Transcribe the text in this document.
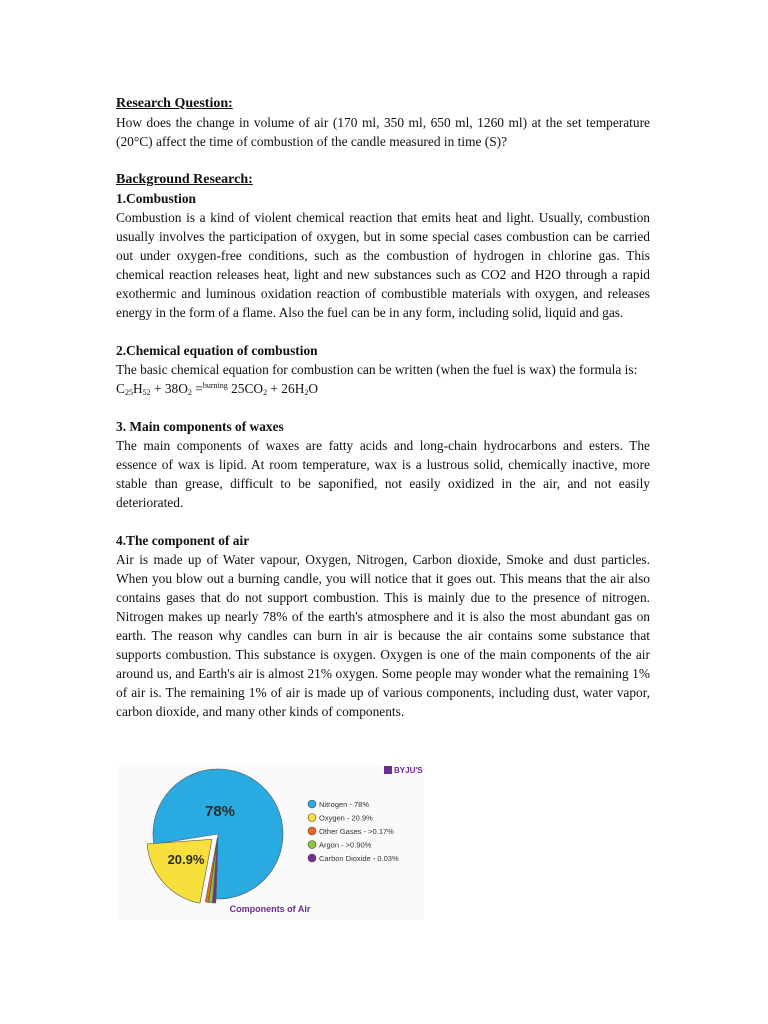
Research Question:

How does the change in volume of air (170 ml, 350 ml, 650 ml, 1260 ml) at the set temperature (20°C) affect the time of combustion of the candle measured in time (S)?

Background Research:
1.Combustion

Combustion is a kind of violent chemical reaction that emits heat and light. Usually, combustion usually involves the participation of oxygen, but in some special cases combustion can be carried out under oxygen-free conditions, such as the combustion of hydrogen in chlorine gas. This chemical reaction releases heat, light and new substances such as CO2 and H2O through a rapid exothermic and luminous oxidation reaction of combustible materials with oxygen, and releases energy in the form of a flame. Also the fuel can be in any form, including solid, liquid and gas.

2.Chemical equation of combustion

The basic chemical equation for combustion can be written (when the fuel is wax) the formula is:

$C_{25}H_{52} + 38O_2 =^{burning}$ $25CO_2 + 26H_2O$
3. Main components of waxes

The main components of waxes are fatty acids and long-chain hydrocarbons and esters. The essence of wax is lipid. At room temperature, wax is a lustrous solid, chemically inactive, more stable than grease, difficult to be saponified, not easily oxidized in the air, and not easily deteriorated.

4.The component of air

Air is made up of Water vapour, Oxygen, Nitrogen, Carbon dioxide, Smoke and dust particles. When you blow out a burning candle, you will notice that it goes out. This means that the air also contains gases that do not support combustion. This is mainly due to the presence of nitrogen. Nitrogen makes up nearly 78% of the earth's atmosphere and it is also the most abundant gas on earth. The reason why candles can burn in air is because the air contains some substance that supports combustion. This substance is oxygen. Oxygen is one of the main components of the air around us, and Earth's air is almost 21% oxygen. Some people may wonder what the remaining 1% of air is. The remaining 1% of air is made up of various components, including dust, water vapor, carbon dioxide, and many other kinds of components.

78%
20.9%
Nitrogen - 78%
Oxygen - 20.9%
Other Gases - >0.17%
Argon - >0.90%
Carbon Dioxide - 0.03%
BYJU'S
Components of Air
